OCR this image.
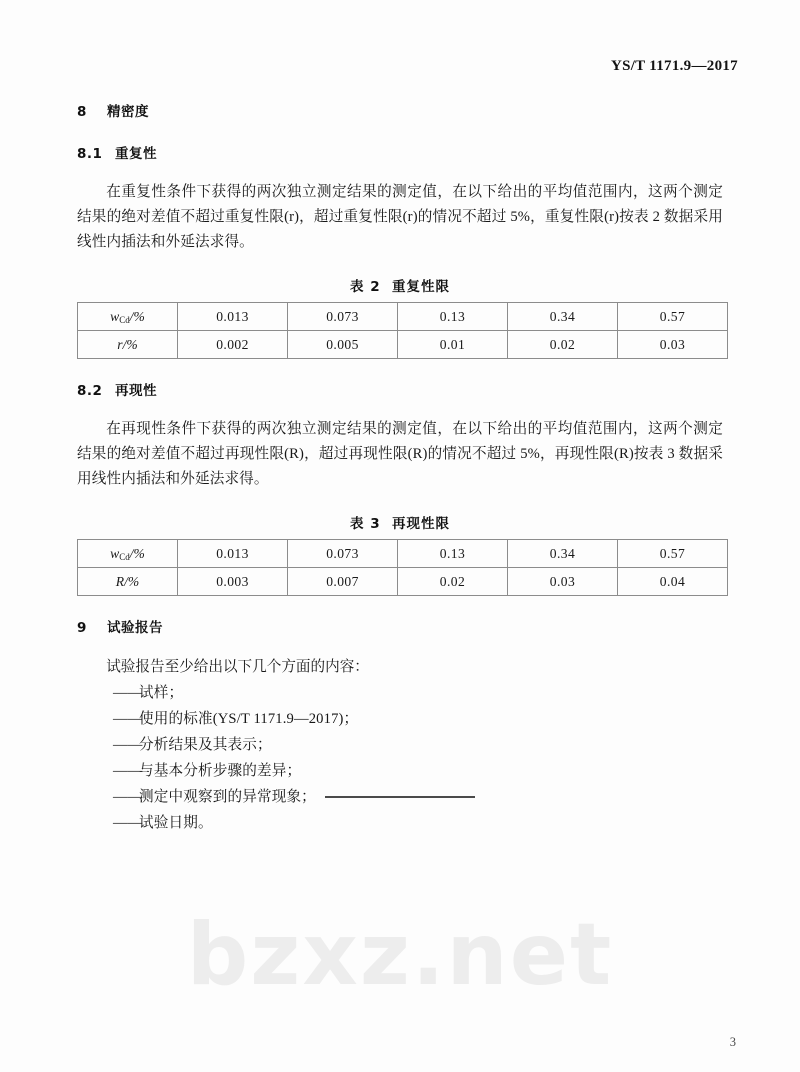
YS/T 1171.9—2017
8 精密度
8.1 重复性

在重复性条件下获得的两次独立测定结果的测定值，在以下给出的平均值范围内，这两个测定结果的绝对差值不超过重复性限(r)，超过重复性限(r)的情况不超过 5%，重复性限(r)按表 2 数据采用线性内插法和外延法求得。

表 2 重复性限
$w_{Cd}/\%$	0.013	0.073	0.13	0.34	0.57
r/%	0.002	0.005	0.01	0.02	0.03
8.2 再现性

在再现性条件下获得的两次独立测定结果的测定值，在以下给出的平均值范围内，这两个测定结果的绝对差值不超过再现性限(R)，超过再现性限(R)的情况不超过 5%，再现性限(R)按表 3 数据采用线性内插法和外延法求得。

表 3 再现性限
$w_{Cd}/\%$	0.013	0.073	0.13	0.34	0.57
R/%	0.003	0.007	0.02	0.03	0.04
9 试验报告

试验报告至少给出以下几个方面的内容：

——
试样；
——
使用的标准(YS/T 1171.9—2017)；
——
分析结果及其表示；
——
与基本分析步骤的差异；
——
测定中观察到的异常现象；
——
试验日期。
bzxz.net
3
